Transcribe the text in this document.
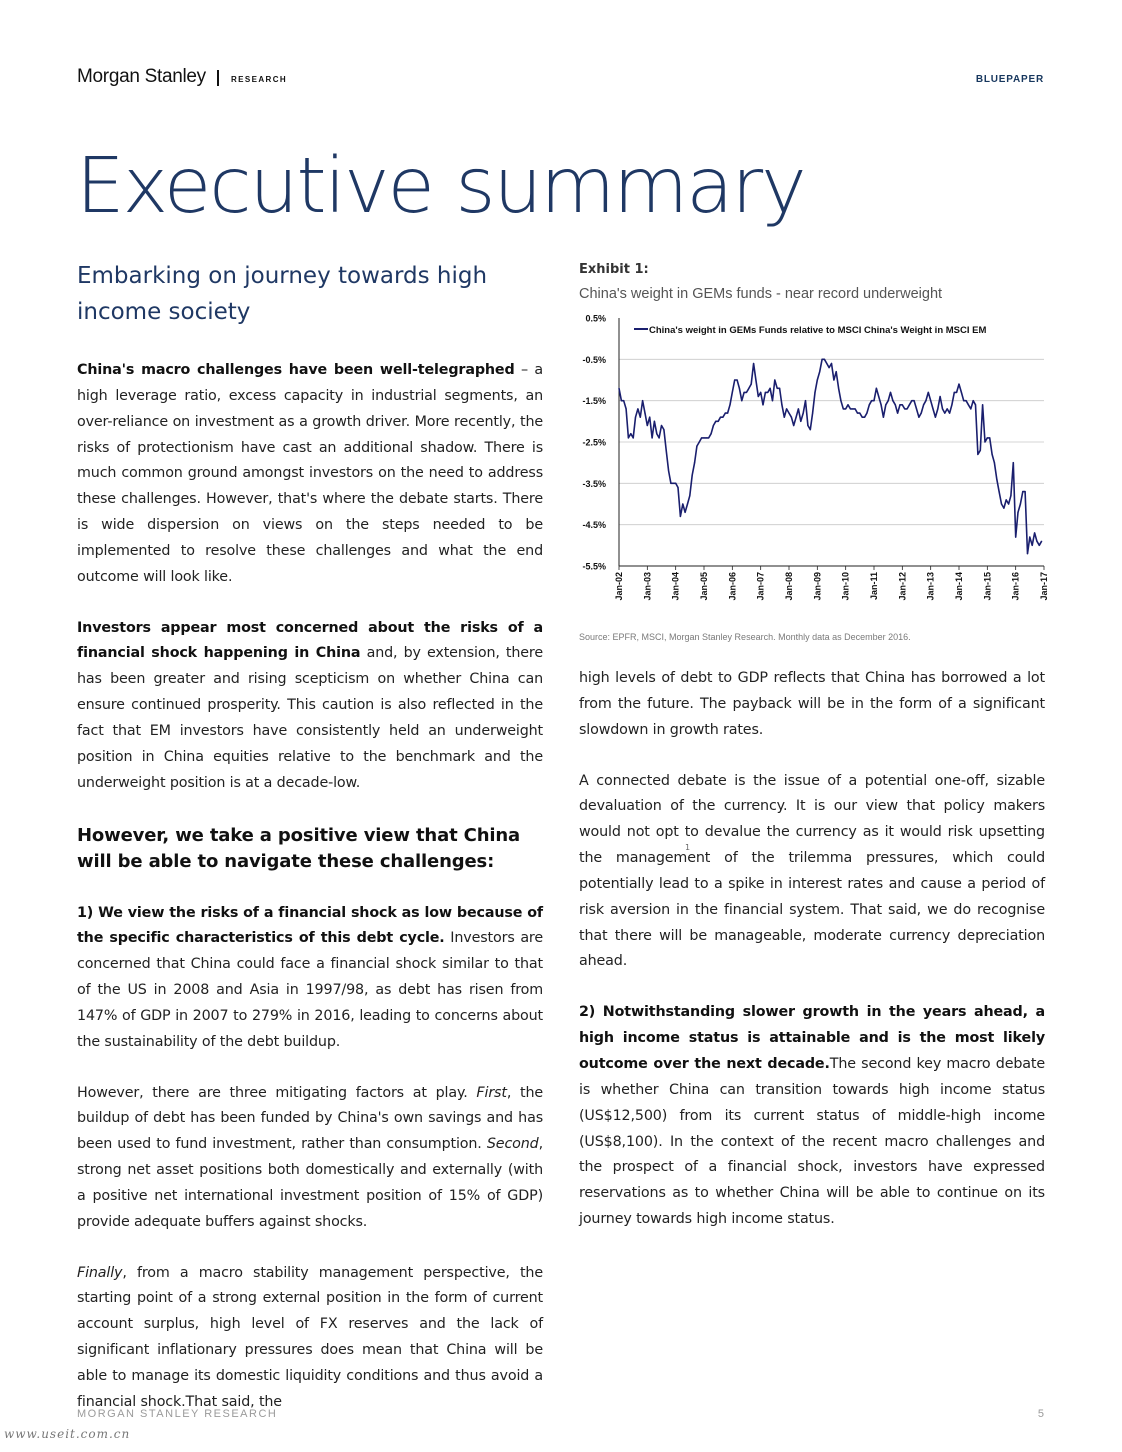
Morgan Stanley	RESEARCH	BLUEPAPER
Executive summary
Embarking on journey towards high income society

China's macro challenges have been well-telegraphed – a high leverage ratio, excess capacity in industrial segments, an over-reliance on investment as a growth driver. More recently, the risks of protectionism have cast an additional shadow. There is much common ground amongst investors on the need to address these challenges. However, that's where the debate starts. There is wide dispersion on views on the steps needed to be implemented to resolve these challenges and what the end outcome will look like.

Investors appear most concerned about the risks of a financial shock happening in China and, by extension, there has been greater and rising scepticism on whether China can ensure continued prosperity. This caution is also reflected in the fact that EM investors have consistently held an underweight position in China equities relative to the benchmark and the underweight position is at a decade-low.

However, we take a positive view that China will be able to navigate these challenges:

1) We view the risks of a financial shock as low because of the specific characteristics of this debt cycle. Investors are concerned that China could face a financial shock similar to that of the US in 2008 and Asia in 1997/98, as debt has risen from 147% of GDP in 2007 to 279% in 2016, leading to concerns about the sustainability of the debt buildup.

However, there are three mitigating factors at play. First, the buildup of debt has been funded by China's own savings and has been used to fund investment, rather than consumption. Second, strong net asset positions both domestically and externally (with a positive net international investment position of 15% of GDP) provide adequate buffers against shocks.

Finally, from a macro stability management perspective, the starting point of a strong external position in the form of current account surplus, high level of FX reserves and the lack of significant inflationary pressures does mean that China will be able to manage its domestic liquidity conditions and thus avoid a financial shock.That said, the

Exhibit 1:
China's weight in GEMs funds - near record underweight
0.5%
-0.5%
-1.5%
-2.5%
-3.5%
-4.5%
-5.5%
Jan-02 Jan-03 Jan-04 Jan-05 Jan-06 Jan-07 Jan-08 Jan-09 Jan-10 Jan-11 Jan-12 Jan-13 Jan-14 Jan-15 Jan-16 Jan-17
China's weight in GEMs Funds relative to MSCI China's Weight in MSCI EM
Source: EPFR, MSCI, Morgan Stanley Research. Monthly data as December 2016.

high levels of debt to GDP reflects that China has borrowed a lot from the future. The payback will be in the form of a significant slowdown in growth rates.

A connected debate is the issue of a potential one-off, sizable devaluation of the currency. It is our view that policy makers would not opt to devalue the currency as it would risk upsetting the management of the trilemma pressures, which could potentially lead to a spike in interest rates and cause a period of risk aversion in the financial system. That said, we do recognise that there will be manageable, moderate currency depreciation ahead.

2) Notwithstanding slower growth in the years ahead, a high income status is attainable and is the most likely outcome over the next decade.The second key macro debate is whether China can transition towards high income status (US$12,500) from its current status of middle-high income (US$8,100). In the context of the recent macro challenges and the prospect of a financial shock, investors have expressed reservations as to whether China will be able to continue on its journey towards high income status.

1
MORGAN STANLEY RESEARCH	5
www.useit.com.cn
